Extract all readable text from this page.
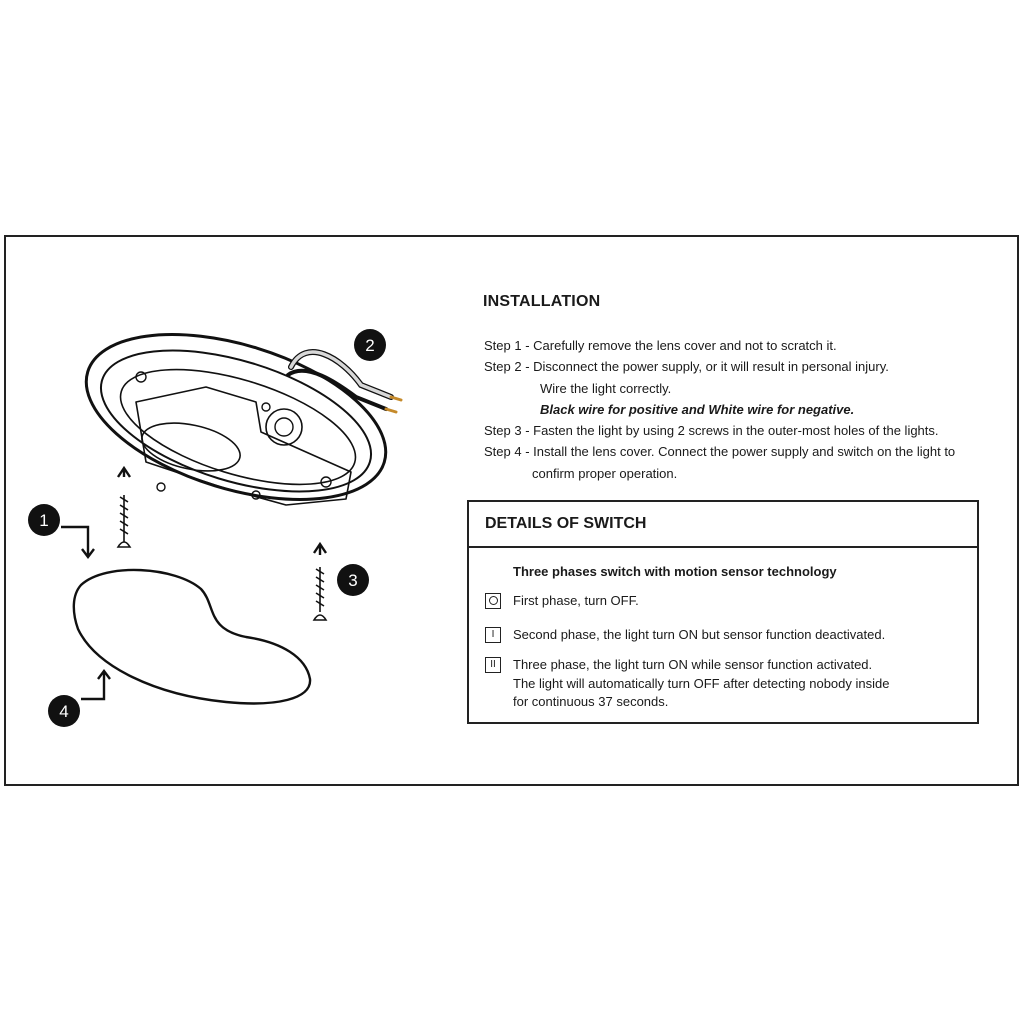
1
2
3
4
INSTALLATION
Step 1 - Carefully remove the lens cover and not to scratch it.
Step 2 - Disconnect the power supply, or it will result in personal injury.
Wire the light correctly.
Black wire for positive and White wire for negative.
Step 3 - Fasten the light by using 2 screws in the outer-most holes of the lights.
Step 4 - Install the lens cover. Connect the power supply and switch on the light to
confirm proper operation.
DETAILS OF SWITCH
Three phases switch with motion sensor technology
First phase, turn OFF.
I	Second phase, the light turn ON but sensor function deactivated.
II	Three phase, the light turn ON while sensor function activated.
The light will automatically turn OFF after detecting nobody inside
for continuous 37 seconds.
